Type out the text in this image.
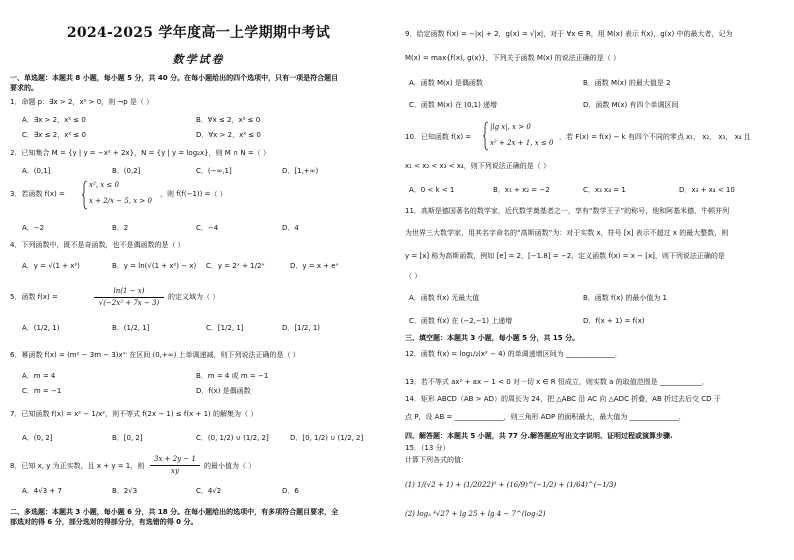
2024-2025 学年度高一上学期期中考试
数学试卷
一、单选题：本题共 8 小题，每小题 5 分，共 40 分。在每小题给出的四个选项中，只有一项是符合题目
要求的。
1．命题 p：∃x > 2，x² > 0，则 ¬p 是（ ）
A．∃x > 2，x² ≤ 0	B．∀x ≤ 2，x² ≤ 0
C．∃x ≤ 2，x² ≤ 0	D．∀x > 2，x² ≤ 0
2．已知集合 M = {y | y = −x² + 2x}，N = {y | y = log₂x}，则 M ∩ N =（ ）
A．(0,1]	B．(0,2]	C．(−∞,1]	D．[1,+∞)
3．若函数 f(x) =
x², x ≤ 0
x + 2/x − 5, x > 0
，则 f(f(−1)) =（ ）
A．−2	B．2	C．−4	D．4
4．下列函数中，既不是奇函数，也不是偶函数的是（ ）
A．y = √(1 + x²)	B．y = ln(√(1 + x²) − x) C．y = 2ˣ + 1/2ˣ	D．y = x + eˣ
5．函数 f(x) =
ln(1 − x)
√(−2x² + 7x − 3)
的定义域为（ ）
A．(1/2, 1)	B．(1/2, 1]	C．[1/2, 1]	D．[1/2, 1)
6．幂函数 f(x) = (m² − 3m − 3)xᵐ 在区间 (0,+∞) 上单调递减，则下列说法正确的是（ ）
A．m = 4	B．m = 4 或 m = −1
C．m = −1	D．f(x) 是偶函数
7．已知函数 f(x) = x² − 1/x²，则不等式 f(2x − 1) ≤ f(x + 1) 的解集为（ ）
A．(0, 2]	B．[0, 2]	C．(0, 1/2) ∪ (1/2, 2]	D．[0, 1/2) ∪ (1/2, 2]
8．已知 x, y 为正实数，且 x + y = 1，则
3x + 2y − 1
xy
的最小值为（ ）
A．4√3 + 7	B．2√3	C．4√2	D．6
二、多选题：本题共 3 小题，每小题 6 分，共 18 分。在每小题给出的选项中，有多项符合题目要求，全
部选对的得 6 分，部分选对的得部分分，有选错的得 0 分。
9．给定函数 f(x) = −|x| + 2，g(x) = √|x|，对于 ∀x ∈ R，用 M(x) 表示 f(x)，g(x) 中的最大者，记为
M(x) = max{f(x), g(x)}，下列关于函数 M(x) 的说法正确的是（ ）
A．函数 M(x) 是偶函数	B．函数 M(x) 的最大值是 2
C．函数 M(x) 在 (0,1) 递增	D．函数 M(x) 有四个单调区间
10．已知函数 f(x) =
|lg x|, x > 0
x² + 2x + 1, x ≤ 0
，若 F(x) = f(x) − k 有四个不同的零点 x₁， x₂， x₃， x₄ 且
x₁ < x₂ < x₃ < x₄，则下列说法正确的是（ ）
A．0 < k < 1	B．x₁ + x₂ = −2	C．x₃ x₄ = 1	D．x₃ + x₄ < 10
11．高斯是德国著名的数学家，近代数学奠基者之一，享有“数学王子”的称号，他和阿基米德，牛顿并列
为世界三大数学家，用其名字命名的“高斯函数”为：对于实数 x，符号 [x] 表示不超过 x 的最大整数，则
y = [x] 称为高斯函数，例如 [e] = 2，[−1.8] = −2，定义函数 f(x) = x − [x]，则下列说法正确的是
（ ）
A．函数 f(x) 无最大值	B．函数 f(x) 的最小值为 1
C．函数 f(x) 在 (−2,−1) 上递增	D．f(x + 1) = f(x)
三、填空题：本题共 3 小题，每小题 5 分，共 15 分。
12．函数 f(x) = log₁/₂(x² − 4) 的单调递增区间为 ______________．
13．若不等式 ax² + ax − 1 < 0 对一切 x ∈ R 恒成立，则实数 a 的取值范围是 ____________．
14．矩形 ABCD（AB > AD）的周长为 24，把 △ABC 沿 AC 向 △ADC 折叠，AB 折过去后交 CD 于
点 P，设 AB = ______________，则三角形 ADP 的面积最大，最大值为 ______________．
四、解答题：本题共 5 小题，共 77 分.解答题应写出文字说明、证明过程或演算步骤.
15．（13 分）
计算下列各式的值：
(1) 1/(√2 + 1) + (1/2022)⁰ + (16/9)^(−1/2) + (1/64)^(−1/3)
(2) log₃ ⁴√27 + lg 25 + lg 4 − 7^(log₇2)
